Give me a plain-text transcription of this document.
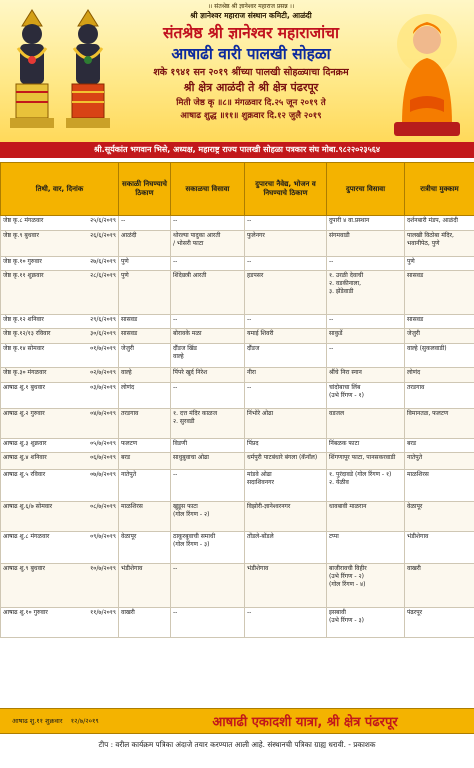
।। संतश्रेष्ठ श्री ज्ञानेश्वर महाराज प्रसन्न ।।
श्री ज्ञानेश्वर महाराज संस्थान कमिटी, आळंदी
संतश्रेष्ठ श्री ज्ञानेश्वर महाराजांचा
आषाढी वारी पालखी सोहळा
शके १९४१ सन २०१९ श्रींच्या पालखी सोहळ्याचा दिनक्रम
श्री क्षेत्र आळंदी ते श्री क्षेत्र पंढरपूर
मिती जेष्ठ कृ ॥८॥ मंगळवार दि.२५ जून २०१९ ते
आषाढ शुद्ध ॥११॥ शुक्रवार दि.१२ जुलै २०१९
श्री.सूर्यकांत भगवान भिसे, अध्यक्ष, महाराष्ट्र राज्य पालखी सोहळा पत्रकार संघ मोबा.९८२२०२३५६४
तिथी, वार, दिनांक	सकाळी निघण्याचे ठिकाण	सकाळचा विसावा	दुपारचा नैवेद्य, भोजन व निघण्याचे ठिकाण	दुपारचा विसावा	रात्रीचा मुक्काम

जेष्ठ कृ.८ मंगळवार २५/६/२०१९	--	--	--	दुपारी ४ वा.प्रस्थान	दर्शनबारी मंडप, आळंदी

जेष्ठ कृ.९ बुधवार २६/६/२०१९	आळंदी	थोरल्या पादुका आरती
/ भोसरी फाटा	फुलेनगर	संगमवाडी	पालखी विठोबा मंदिर, भवानीपेठ, पुणे

जेष्ठ कृ.१० गुरुवार २७/६/२०१९	पुणे	--	--	--	पुणे

जेष्ठ कृ.११ शुक्रवार २८/६/२०१९	पुणे	शिंदेछत्री आरती	हडपसर	१. उरळी देवाची
२. वडकीनाला,
३. झेंडेवाडी	सासवड

जेष्ठ कृ.१२ शनिवार २९/६/२०१९	सासवड	--	--	--	सासवड

जेष्ठ कृ.१२/१३ रविवार ३०/६/२०१९	सासवड	बोरावके मळा	यमाई शिवरी	साकुर्डे	जेजुरी

जेष्ठ कृ.१४ सोमवार ०१/७/२०१९	जेजुरी	दौंडज खिंड
वाल्हे	दौंडज	--	वाल्हे (सुकलवाडी)

जेष्ठ कृ.३० मंगळवार ०२/७/२०१९	वाल्हे	पिंपरे खुर्द निरेश	नीरा	श्रींचे निरा स्नान	लोणंद

आषाढ शु.१ बुधवार ०३/७/२०१९	लोणंद	--	--	चांदोबाचा लिंब
(उभे रिंगण - १)	तरडगाव

आषाढ शु.२ गुरुवार ०४/७/२०१९	तरडगाव	१. दत्त मंदिर काळज
२. सुरवडी	निंभोरे ओढा	वडजल	विमानतळ, फलटण

आषाढ शु.३ शुक्रवार ०५/७/२०१९	फलटण	विडणी	पिंप्रद	निंबळक फाटा	बरड

आषाढ शु.४ शनिवार ०६/७/२०१९	बरड	साधुबुवाचा ओढा	धर्मपुरी पाटबंधारे बंगला (कॅनॉल)	शिंगणापूर फाटा, पानसकरवाडी	नातेपुते

आषाढ शु.५ रविवार ०७/७/२०१९	नातेपुते	--	मांडवे ओढा
सदाशिवनगर	१. पुरंदावडे (गोल रिंगण - १)
२. येळीव	माळशिरस

आषाढ शु.६/७ सोमवार ०८/७/२०१९	माळशिरस	खुडूस फाटा
(गोल रिंगण - २)	विझोरी-ज्ञानेश्वरनगर	धावबावी माळरान	वेळापूर

आषाढ शु.८ मंगळवार ०९/७/२०१९	वेळापूर	ठाकूरबुवाची समाधी
(गोल रिंगण - ३)	तोंडले-बोंडले	टप्पा	भंडीशेगाव

आषाढ शु.९ बुधवार १०/७/२०१९	भंडीशेगाव	--	भंडीशेगाव	बाजीरावची विहीर
(उभे रिंगण - २)
(गोल रिंगण - ४)	वाखरी

आषाढ शु.१० गुरुवार ११/७/२०१९	वाखरी	--	--	इसबावी
(उभे रिंगण - ३)	पंढरपूर
आषाढ शु.११ शुक्रवार १२/७/२०१९	आषाढी एकादशी यात्रा, श्री क्षेत्र पंढरपूर
टीप : वरील कार्यक्रम पत्रिका अंदाजे तयार करण्यात आली आहे. संस्थानची पत्रिका ग्राह्य धरावी. - प्रकाशक
